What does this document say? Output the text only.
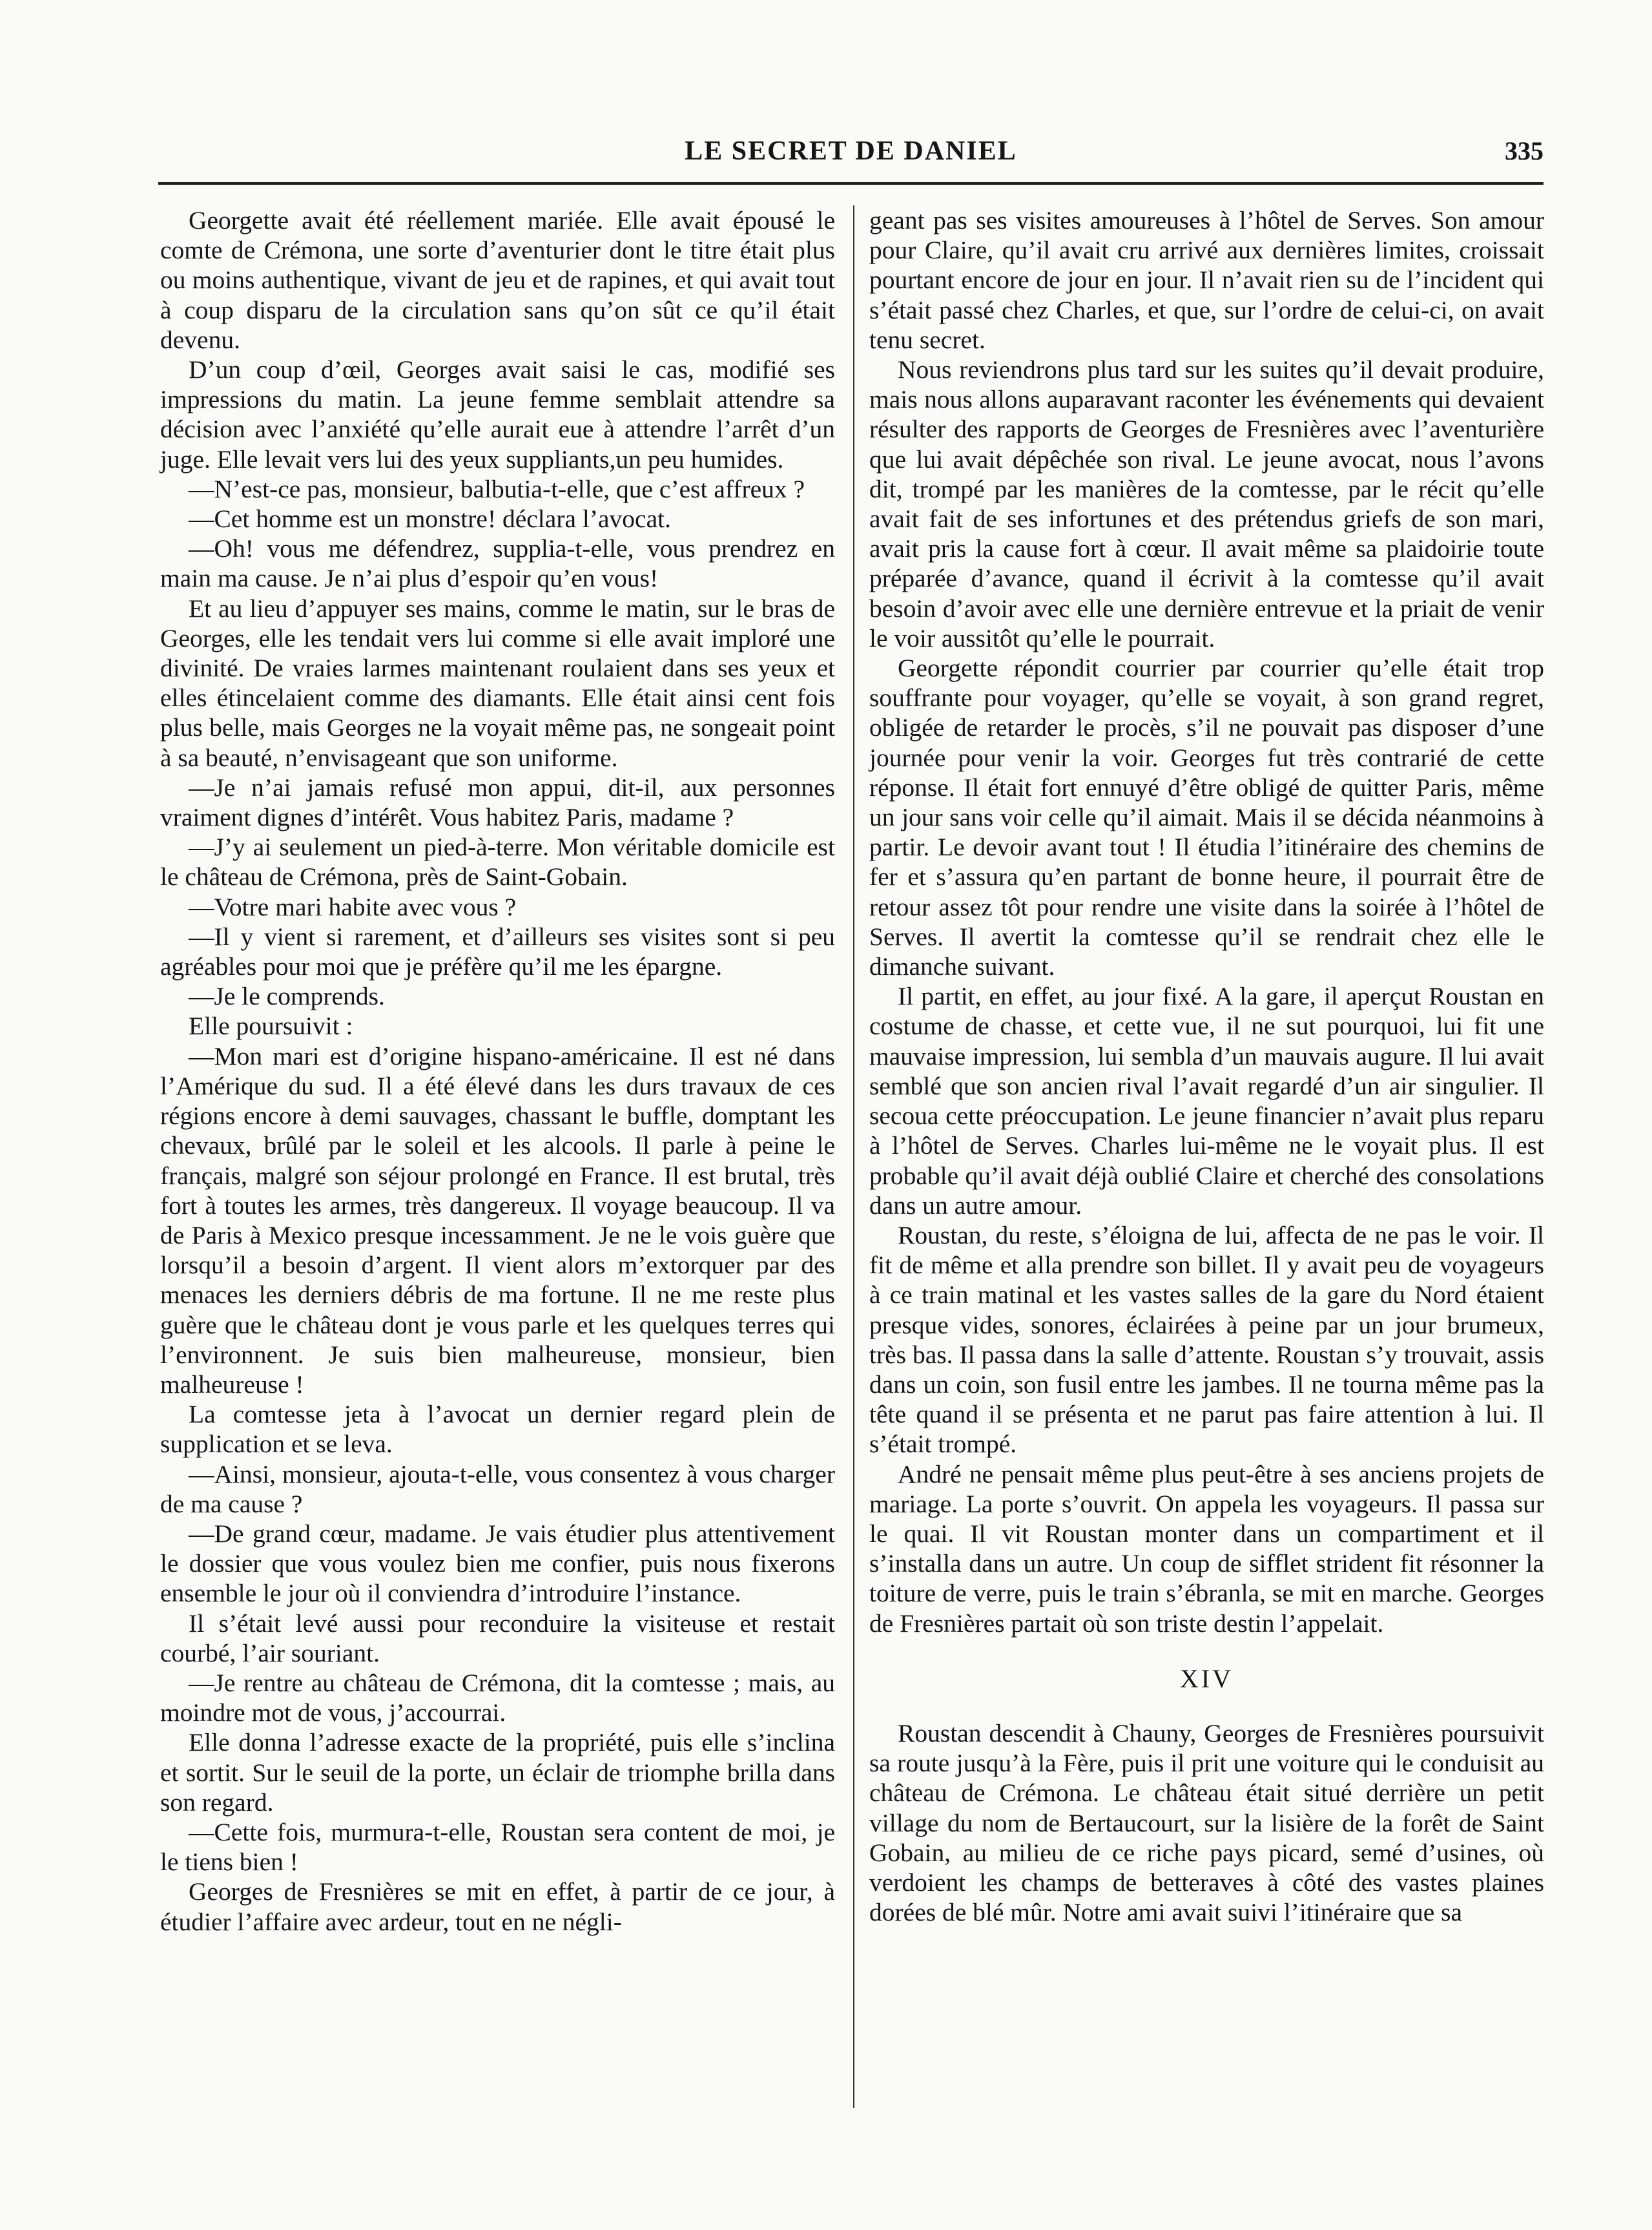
LE SECRET DE DANIEL	335

Georgette avait été réellement mariée. Elle avait épousé le comte de Crémona, une sorte d’aventurier dont le titre était plus ou moins authentique, vivant de jeu et de rapines, et qui avait tout à coup disparu de la circulation sans qu’on sût ce qu’il était devenu.

D’un coup d’œil, Georges avait saisi le cas, modifié ses impressions du matin. La jeune femme semblait attendre sa décision avec l’anxiété qu’elle aurait eue à attendre l’arrêt d’un juge. Elle levait vers lui des yeux suppliants,un peu humides.

—N’est-ce pas, monsieur, balbutia-t-elle, que c’est affreux ?

—Cet homme est un monstre! déclara l’avocat.

—Oh! vous me défendrez, supplia-t-elle, vous prendrez en main ma cause. Je n’ai plus d’espoir qu’en vous!

Et au lieu d’appuyer ses mains, comme le matin, sur le bras de Georges, elle les tendait vers lui comme si elle avait imploré une divinité. De vraies larmes maintenant roulaient dans ses yeux et elles étincelaient comme des diamants. Elle était ainsi cent fois plus belle, mais Georges ne la voyait même pas, ne songeait point à sa beauté, n’envisageant que son uniforme.

—Je n’ai jamais refusé mon appui, dit-il, aux personnes vraiment dignes d’intérêt. Vous habitez Paris, madame ?

—J’y ai seulement un pied-à-terre. Mon véritable domicile est le château de Crémona, près de Saint-Gobain.

—Votre mari habite avec vous ?

—Il y vient si rarement, et d’ailleurs ses visites sont si peu agréables pour moi que je préfère qu’il me les épargne.

—Je le comprends.

Elle poursuivit :

—Mon mari est d’origine hispano-américaine. Il est né dans l’Amérique du sud. Il a été élevé dans les durs travaux de ces régions encore à demi sauvages, chassant le buffle, domptant les chevaux, brûlé par le soleil et les alcools. Il parle à peine le français, malgré son séjour prolongé en France. Il est brutal, très fort à toutes les armes, très dangereux. Il voyage beaucoup. Il va de Paris à Mexico presque incessamment. Je ne le vois guère que lorsqu’il a besoin d’argent. Il vient alors m’extorquer par des menaces les derniers débris de ma fortune. Il ne me reste plus guère que le château dont je vous parle et les quelques terres qui l’environnent. Je suis bien malheureuse, monsieur, bien malheureuse !

La comtesse jeta à l’avocat un dernier regard plein de supplication et se leva.

—Ainsi, monsieur, ajouta-t-elle, vous consentez à vous charger de ma cause ?

—De grand cœur, madame. Je vais étudier plus attentivement le dossier que vous voulez bien me confier, puis nous fixerons ensemble le jour où il conviendra d’introduire l’instance.

Il s’était levé aussi pour reconduire la visiteuse et restait courbé, l’air souriant.

—Je rentre au château de Crémona, dit la comtesse ; mais, au moindre mot de vous, j’accourrai.

Elle donna l’adresse exacte de la propriété, puis elle s’inclina et sortit. Sur le seuil de la porte, un éclair de triomphe brilla dans son regard.

—Cette fois, murmura-t-elle, Roustan sera content de moi, je le tiens bien !

Georges de Fresnières se mit en effet, à partir de ce jour, à étudier l’affaire avec ardeur, tout en ne négli-

geant pas ses visites amoureuses à l’hôtel de Serves. Son amour pour Claire, qu’il avait cru arrivé aux dernières limites, croissait pourtant encore de jour en jour. Il n’avait rien su de l’incident qui s’était passé chez Charles, et que, sur l’ordre de celui-ci, on avait tenu secret.

Nous reviendrons plus tard sur les suites qu’il devait produire, mais nous allons auparavant raconter les événements qui devaient résulter des rapports de Georges de Fresnières avec l’aventurière que lui avait dépêchée son rival. Le jeune avocat, nous l’avons dit, trompé par les manières de la comtesse, par le récit qu’elle avait fait de ses infortunes et des prétendus griefs de son mari, avait pris la cause fort à cœur. Il avait même sa plaidoirie toute préparée d’avance, quand il écrivit à la comtesse qu’il avait besoin d’avoir avec elle une dernière entrevue et la priait de venir le voir aussitôt qu’elle le pourrait.

Georgette répondit courrier par courrier qu’elle était trop souffrante pour voyager, qu’elle se voyait, à son grand regret, obligée de retarder le procès, s’il ne pouvait pas disposer d’une journée pour venir la voir. Georges fut très contrarié de cette réponse. Il était fort ennuyé d’être obligé de quitter Paris, même un jour sans voir celle qu’il aimait. Mais il se décida néanmoins à partir. Le devoir avant tout ! Il étudia l’itinéraire des chemins de fer et s’assura qu’en partant de bonne heure, il pourrait être de retour assez tôt pour rendre une visite dans la soirée à l’hôtel de Serves. Il avertit la comtesse qu’il se rendrait chez elle le dimanche suivant.

Il partit, en effet, au jour fixé. A la gare, il aperçut Roustan en costume de chasse, et cette vue, il ne sut pourquoi, lui fit une mauvaise impression, lui sembla d’un mauvais augure. Il lui avait semblé que son ancien rival l’avait regardé d’un air singulier. Il secoua cette préoccupation. Le jeune financier n’avait plus reparu à l’hôtel de Serves. Charles lui-même ne le voyait plus. Il est probable qu’il avait déjà oublié Claire et cherché des consolations dans un autre amour.

Roustan, du reste, s’éloigna de lui, affecta de ne pas le voir. Il fit de même et alla prendre son billet. Il y avait peu de voyageurs à ce train matinal et les vastes salles de la gare du Nord étaient presque vides, sonores, éclairées à peine par un jour brumeux, très bas. Il passa dans la salle d’attente. Roustan s’y trouvait, assis dans un coin, son fusil entre les jambes. Il ne tourna même pas la tête quand il se présenta et ne parut pas faire attention à lui. Il s’était trompé.

André ne pensait même plus peut-être à ses anciens projets de mariage. La porte s’ouvrit. On appela les voyageurs. Il passa sur le quai. Il vit Roustan monter dans un compartiment et il s’installa dans un autre. Un coup de sifflet strident fit résonner la toiture de verre, puis le train s’ébranla, se mit en marche. Georges de Fresnières partait où son triste destin l’appelait.

XIV

Roustan descendit à Chauny, Georges de Fresnières poursuivit sa route jusqu’à la Fère, puis il prit une voiture qui le conduisit au château de Crémona. Le château était situé derrière un petit village du nom de Bertaucourt, sur la lisière de la forêt de Saint Gobain, au milieu de ce riche pays picard, semé d’usines, où verdoient les champs de betteraves à côté des vastes plaines dorées de blé mûr. Notre ami avait suivi l’itinéraire que sa
